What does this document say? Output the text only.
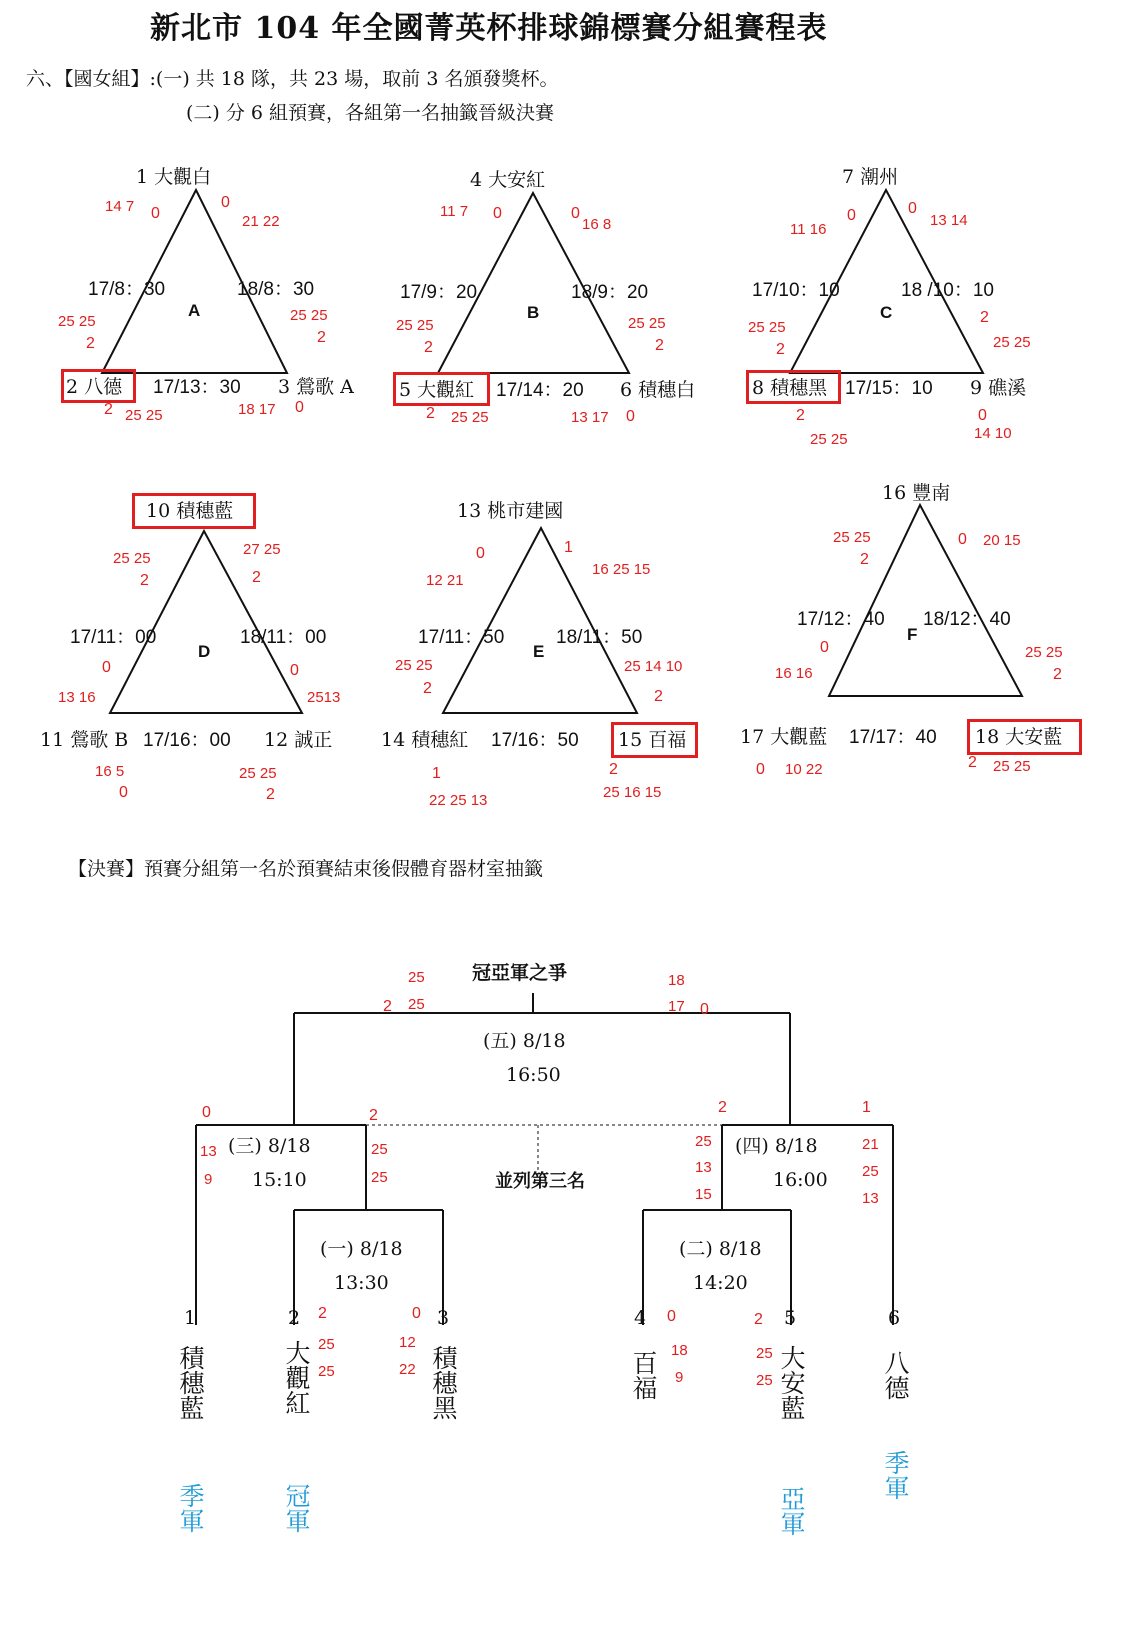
新北市 104 年全國菁英杯排球錦標賽分組賽程表
六、【國女組】:(一) 共 18 隊，共 23 場，取前 3 名頒發獎杯。
(二) 分 6 組預賽，各組第一名抽籤晉級決賽
1 大觀白
2 八德	3 鶯歌 A
A
17/8：30	18/8：30
17/13：30
14 7 0
0
21 22
25 25
2
25 25
2
2 25 25	18 17 0
4 大安紅
5 大觀紅	6 積穗白
B
17/9：20	18/9：20
17/14：20
11 7 0	0
16 8
25 25
2
25 25
2
2 25 25	13 17 0
7 潮州
8 積穗黑	9 礁溪
C
17/10：10	18 /10：10
17/15：10
11 16
0	0
13 14
25 25
2
2
25 25
2
25 25
0
14 10
10 積穗藍
11 鶯歌 B	12 誠正
D
17/11：00	18/11：00
17/16：00
25 25
2
27 25
2
0
13 16
0
2513
16 5
0
25 25
2
13 桃市建國
14 積穗紅	15 百福
E
17/11：50	18/11：50
17/16：50
0
12 21
1
16 25 15
25 25
2
25 14 10
2
1
22 25 13
2
25 16 15
16 豐南
17 大觀藍	18 大安藍
F
17/12：40 18/12：40
17/17：40
25 25
2
0 20 15
0
16 16
25 25
2
0 10 22	2 25 25
【決賽】預賽分組第一名於預賽結束後假體育器材室抽籤
冠亞軍之爭
(五) 8/18
16:50
(三) 8/18
15:10
(四) 8/18
16:00
(一) 8/18
13:30
(二) 8/18
14:20
並列第三名
25
2 25
18
17 0
0	2
13
9
25
25
2	1
25
13
15
21
25
13
2
25
25
0
12
22
0
18
9
2
25
25
1	2	3	4	5	6
積穗藍	大觀紅	積穗黑	百福	大安藍	八德
季軍	冠軍	亞軍
季軍
